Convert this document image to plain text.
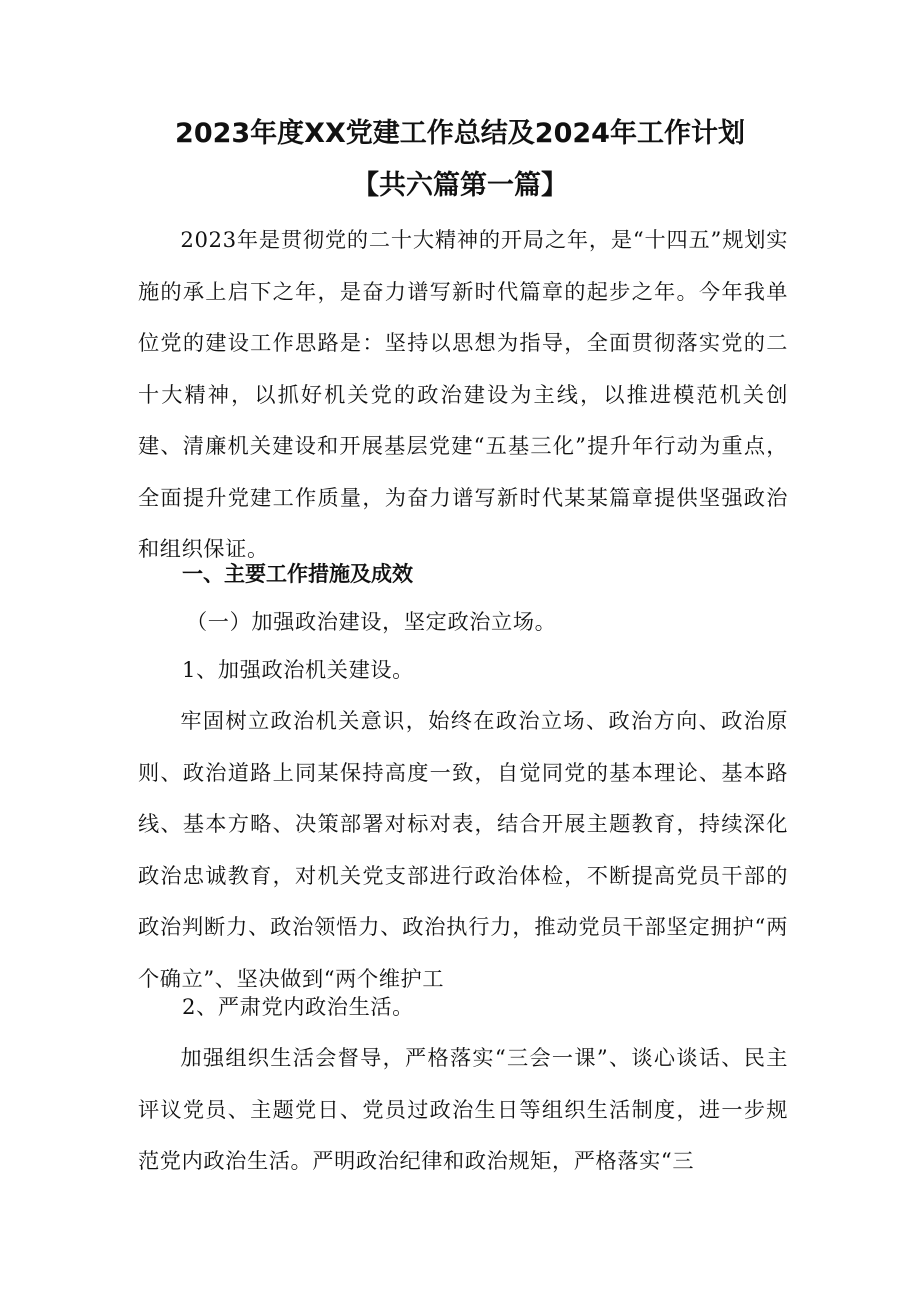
2023年度XX党建工作总结及2024年工作计划
【共六篇第一篇】

2023年是贯彻党的二十大精神的开局之年，是“十四五”规划实施的承上启下之年，是奋力谱写新时代篇章的起步之年。今年我单位党的建设工作思路是：坚持以思想为指导，全面贯彻落实党的二十大精神，以抓好机关党的政治建设为主线，以推进模范机关创建、清廉机关建设和开展基层党建“五基三化”提升年行动为重点，全面提升党建工作质量，为奋力谱写新时代某某篇章提供坚强政治和组织保证。

一、主要工作措施及成效

（一）加强政治建设，坚定政治立场。

1、加强政治机关建设。

牢固树立政治机关意识，始终在政治立场、政治方向、政治原则、政治道路上同某保持高度一致，自觉同党的基本理论、基本路线、基本方略、决策部署对标对表，结合开展主题教育，持续深化政治忠诚教育，对机关党支部进行政治体检，不断提高党员干部的政治判断力、政治领悟力、政治执行力，推动党员干部坚定拥护“两个确立”、坚决做到“两个维护工

2、严肃党内政治生活。

加强组织生活会督导，严格落实“三会一课”、谈心谈话、民主评议党员、主题党日、党员过政治生日等组织生活制度，进一步规范党内政治生活。严明政治纪律和政治规矩，严格落实“三
